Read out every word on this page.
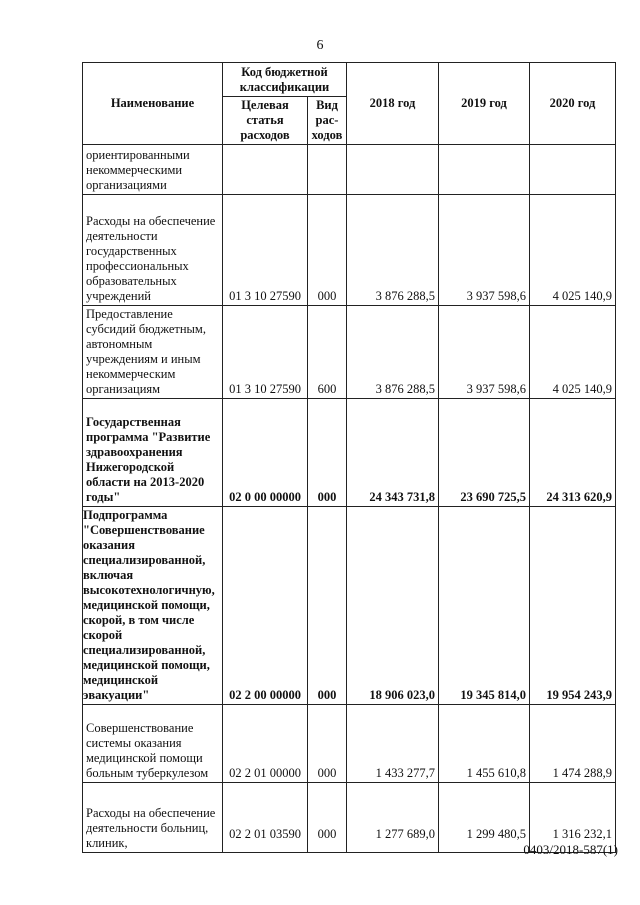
6
Наименование	Код бюджетной классификации		2018 год	2019 год	2020 год
	Целевая статья расходов	Вид рас-ходов			
ориентированными некоммерческими организациями					
Расходы на обеспечение деятельности государственных профессиональных образовательных учреждений	01 3 10 27590	000	3 876 288,5	3 937 598,6	4 025 140,9
Предоставление субсидий бюджетным, автономным учреждениям и иным некоммерческим организациям	01 3 10 27590	600	3 876 288,5	3 937 598,6	4 025 140,9
Государственная программа "Развитие здравоохранения Нижегородской области на 2013-2020 годы"	02 0 00 00000	000	24 343 731,8	23 690 725,5	24 313 620,9
Подпрограмма "Совершенствование оказания специализированной, включая высокотехнологичную, медицинской помощи, скорой, в том числе скорой специализированной, медицинской помощи, медицинской эвакуации"	02 2 00 00000	000	18 906 023,0	19 345 814,0	19 954 243,9
Совершенствование системы оказания медицинской помощи больным туберкулезом	02 2 01 00000	000	1 433 277,7	1 455 610,8	1 474 288,9
Расходы на обеспечение деятельности больниц, клиник,	02 2 01 03590	000	1 277 689,0	1 299 480,5	1 316 232,1
0403/2018-587(1)
